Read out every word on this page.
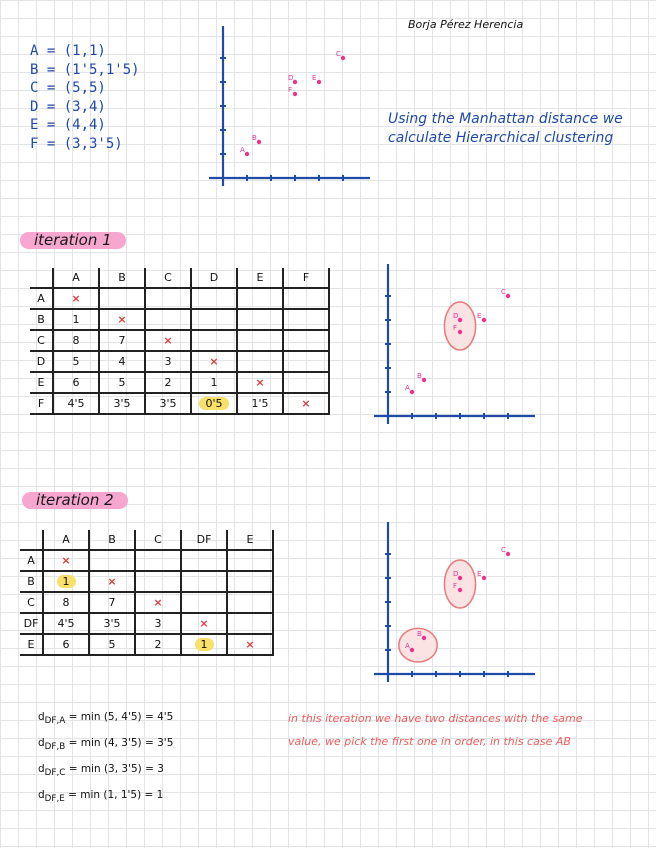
Borja Pérez Herencia
A = (1,1)
B = (1'5,1'5)
C = (5,5)
D = (3,4)
E = (4,4)
F = (3,3'5)	A
B
C
D	E
F
Using the Manhattan distance we calculate Hierarchical clustering
iteration 1
	A	B	C	D	E	F
A	×					
B	1	×				
C	8	7	×			
D	5	4	3	×		
E	6	5	2	1	×	
F	4'5	3'5	3'5	0'5	1'5	×
A
B
C
D	E
F
iteration 2
	A	B	C	DF	E
A	×				
B	1	×			
C	8	7	×		
DF	4'5	3'5	3	×	
E	6	5	2	1	×	A
B
C
D	E
F
$d_{DF,A} = \min (5$, 4'5) = 4'5
$d_{DF,B} = \min (4$, 3'5) = 3'5
$d_{DF,C} = \min (3$, 3'5) = 3
$d_{DF,E} = \min (1$, 1'5) = 1
in this iteration we have two distances with the same value, we pick the first one in order, in this case AB
